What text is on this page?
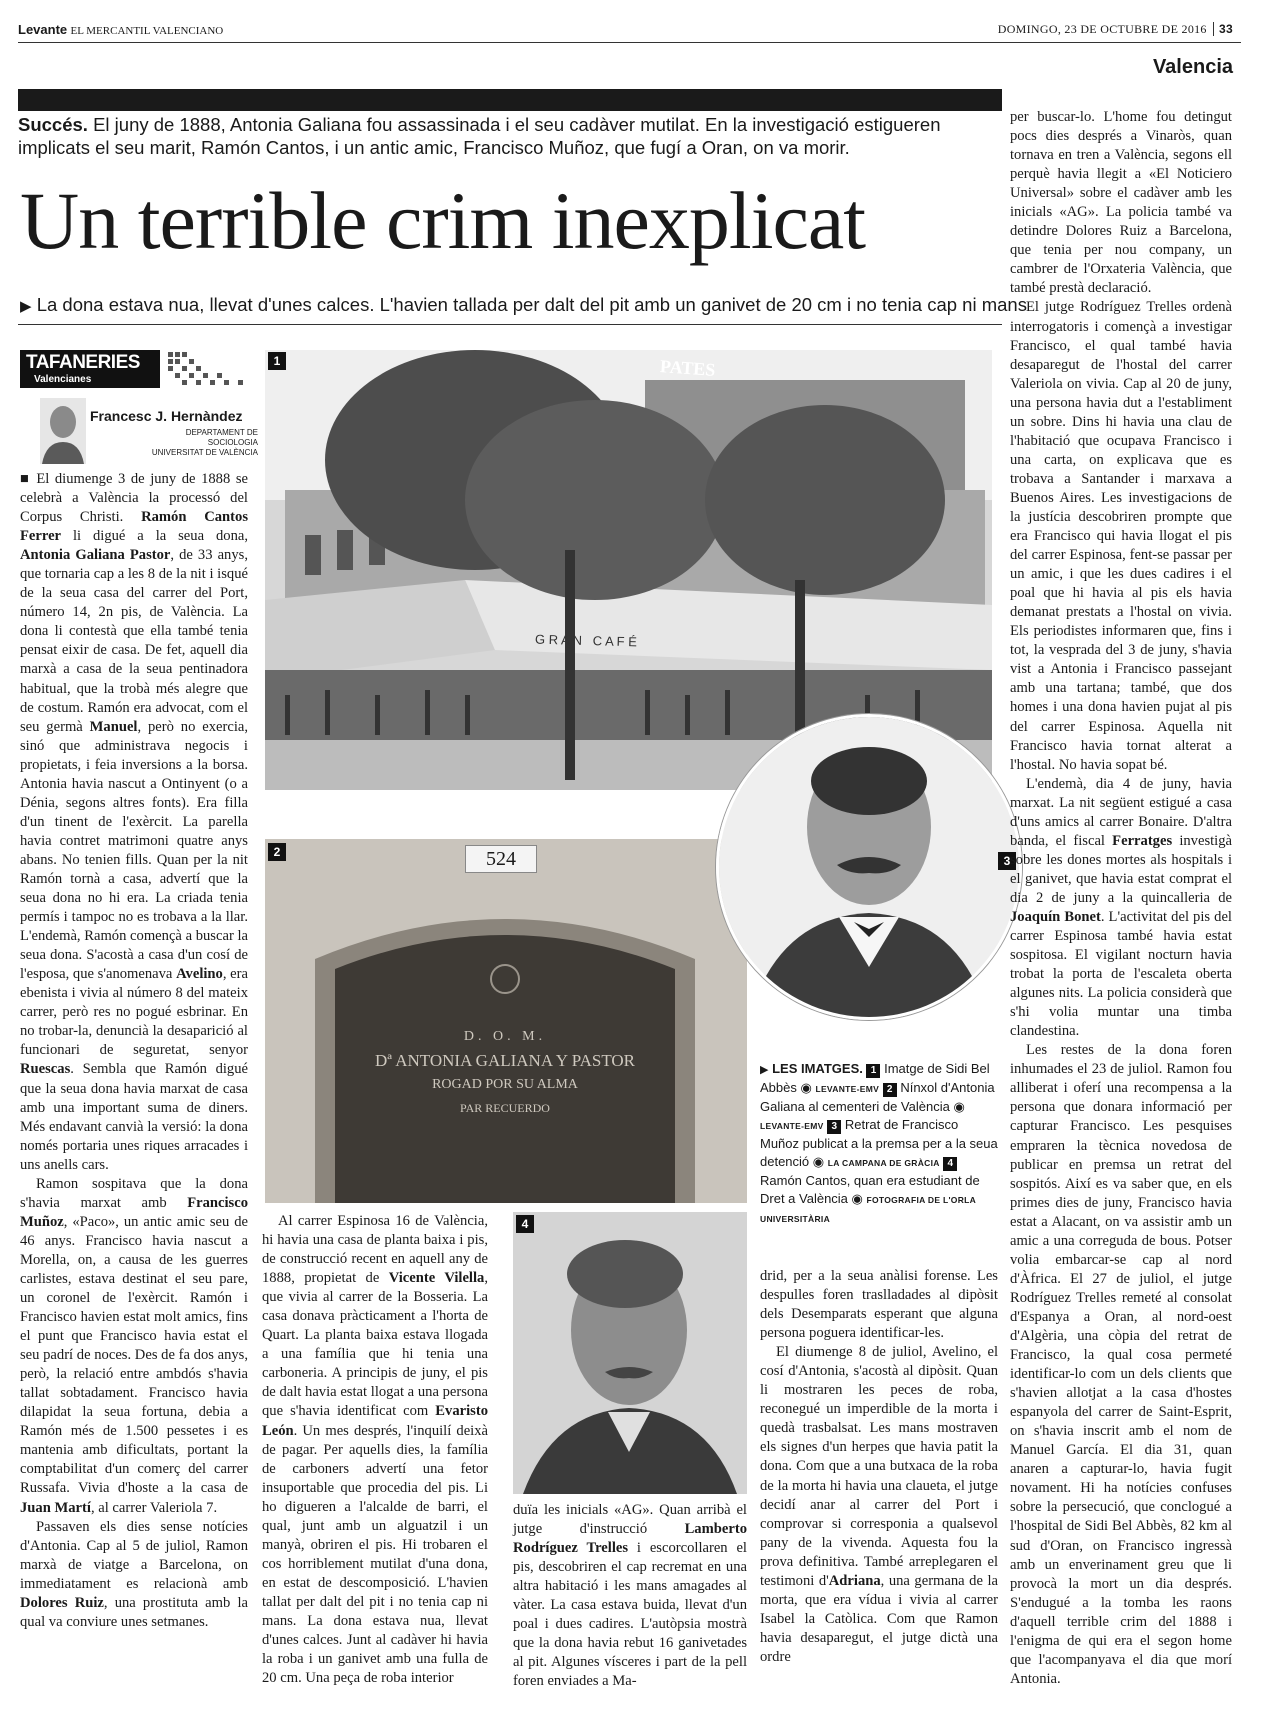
Levante EL MERCANTIL VALENCIANO	DOMINGO, 23 DE OCTUBRE DE 2016 33
Valencia
Succés. El juny de 1888, Antonia Galiana fou assassinada i el seu cadàver mutilat. En la investigació estigueren implicats el seu marit, Ramón Cantos, i un antic amic, Francisco Muñoz, que fugí a Oran, on va morir.
Un terrible crim inexplicat
▶ La dona estava nua, llevat d'unes calces. L'havien tallada per dalt del pit amb un ganivet de 20 cm i no tenia cap ni mans
TAFANERIES
Valencianes
Francesc J. Hernàndez
DEPARTAMENT DE SOCIOLOGIA
UNIVERSITAT DE VALÈNCIA

■ El diumenge 3 de juny de 1888 se celebrà a València la processó del Corpus Christi. Ramón Cantos Ferrer li digué a la seua dona, Antonia Galiana Pastor, de 33 anys, que tornaria cap a les 8 de la nit i isqué de la seua casa del carrer del Port, número 14, 2n pis, de València. La dona li contestà que ella també tenia pensat eixir de casa. De fet, aquell dia marxà a casa de la seua pentinadora habitual, que la trobà més alegre que de costum. Ramón era advocat, com el seu germà Manuel, però no exercia, sinó que administrava negocis i propietats, i feia inversions a la borsa. Antonia havia nascut a Ontinyent (o a Dénia, segons altres fonts). Era filla d'un tinent de l'exèrcit. La parella havia contret matrimoni quatre anys abans. No tenien fills. Quan per la nit Ramón tornà a casa, advertí que la seua dona no hi era. La criada tenia permís i tampoc no es trobava a la llar. L'endemà, Ramón començà a buscar la seua dona. S'acostà a casa d'un cosí de l'esposa, que s'anomenava Avelino, era ebenista i vivia al número 8 del mateix carrer, però res no pogué esbrinar. En no trobar-la, denuncià la desaparició al funcionari de seguretat, senyor Ruescas. Sembla que Ramón digué que la seua dona havia marxat de casa amb una important suma de diners. Més endavant canvià la versió: la dona només portaria unes riques arracades i uns anells cars.

Ramon sospitava que la dona s'havia marxat amb Francisco Muñoz, «Paco», un antic amic seu de 46 anys. Francisco havia nascut a Morella, on, a causa de les guerres carlistes, estava destinat el seu pare, un coronel de l'exèrcit. Ramón i Francisco havien estat molt amics, fins el punt que Francisco havia estat el seu padrí de noces. Des de fa dos anys, però, la relació entre ambdós s'havia tallat sobtadament. Francisco havia dilapidat la seua fortuna, debia a Ramón més de 1.500 pessetes i es mantenia amb dificultats, portant la comptabilitat d'un comerç del carrer Russafa. Vivia d'hoste a la casa de Juan Martí, al carrer Valeriola 7.

Passaven els dies sense notícies d'Antonia. Cap al 5 de juliol, Ramon marxà de viatge a Barcelona, on immediatament es relacionà amb Dolores Ruiz, una prostituta amb la qual va conviure unes setmanes.

PATES
G R A N   C A F É
1
524
D. O. M.
Dª ANTONIA GALIANA Y PASTOR
ROGAD POR SU ALMA
PAR RECUERDO
2
3
4
▶ LES IMATGES. 1 Imatge de Sidi Bel Abbès ◉ LEVANTE-EMV 2 Nínxol d'Antonia Galiana al cementeri de València ◉ LEVANTE-EMV 3 Retrat de Francisco Muñoz publicat a la premsa per a la seua detenció ◉ LA CAMPANA DE GRÀCIA 4 Ramón Cantos, quan era estudiant de Dret a València ◉ FOTOGRAFIA DE L'ORLA UNIVERSITÀRIA

Al carrer Espinosa 16 de València, hi havia una casa de planta baixa i pis, de construcció recent en aquell any de 1888, propietat de Vicente Vilella, que vivia al carrer de la Bosseria. La casa donava pràcticament a l'horta de Quart. La planta baixa estava llogada a una família que hi tenia una carboneria. A principis de juny, el pis de dalt havia estat llogat a una persona que s'havia identificat com Evaristo León. Un mes després, l'inquilí deixà de pagar. Per aquells dies, la família de carboners advertí una fetor insuportable que procedia del pis. Li ho digueren a l'alcalde de barri, el qual, junt amb un alguatzil i un manyà, obriren el pis. Hi trobaren el cos horriblement mutilat d'una dona, en estat de descomposició. L'havien tallat per dalt del pit i no tenia cap ni mans. La dona estava nua, llevat d'unes calces. Junt al cadàver hi havia la roba i un ganivet amb una fulla de 20 cm. Una peça de roba interior

duïa les inicials «AG». Quan arribà el jutge d'instrucció Lamberto Rodríguez Trelles i escorcollaren el pis, descobriren el cap recremat en una altra habitació i les mans amagades al vàter. La casa estava buida, llevat d'un poal i dues cadires. L'autòpsia mostrà que la dona havia rebut 16 ganivetades al pit. Algunes vísceres i part de la pell foren enviades a Ma-

drid, per a la seua anàlisi forense. Les despulles foren traslladades al dipòsit dels Desemparats esperant que alguna persona poguera identificar-les.

El diumenge 8 de juliol, Avelino, el cosí d'Antonia, s'acostà al dipòsit. Quan li mostraren les peces de roba, reconegué un imperdible de la morta i quedà trasbalsat. Les mans mostraven els signes d'un herpes que havia patit la dona. Com que a una butxaca de la roba de la morta hi havia una claueta, el jutge decidí anar al carrer del Port i comprovar si corresponia a qualsevol pany de la vivenda. Aquesta fou la prova definitiva. També arreplegaren el testimoni d'Adriana, una germana de la morta, que era vídua i vivia al carrer Isabel la Catòlica. Com que Ramon havia desaparegut, el jutge dictà una ordre

per buscar-lo. L'home fou detingut pocs dies després a Vinaròs, quan tornava en tren a València, segons ell perquè havia llegit a «El Noticiero Universal» sobre el cadàver amb les inicials «AG». La policia també va detindre Dolores Ruiz a Barcelona, que tenia per nou company, un cambrer de l'Orxateria València, que també prestà declaració.

El jutge Rodríguez Trelles ordenà interrogatoris i començà a investigar Francisco, el qual també havia desaparegut de l'hostal del carrer Valeriola on vivia. Cap al 20 de juny, una persona havia dut a l'establiment un sobre. Dins hi havia una clau de l'habitació que ocupava Francisco i una carta, on explicava que es trobava a Santander i marxava a Buenos Aires. Les investigacions de la justícia descobriren prompte que era Francisco qui havia llogat el pis del carrer Espinosa, fent-se passar per un amic, i que les dues cadires i el poal que hi havia al pis els havia demanat prestats a l'hostal on vivia. Els periodistes informaren que, fins i tot, la vesprada del 3 de juny, s'havia vist a Antonia i Francisco passejant amb una tartana; també, que dos homes i una dona havien pujat al pis del carrer Espinosa. Aquella nit Francisco havia tornat alterat a l'hostal. No havia sopat bé.

L'endemà, dia 4 de juny, havia marxat. La nit següent estigué a casa d'uns amics al carrer Bonaire. D'altra banda, el fiscal Ferratges investigà sobre les dones mortes als hospitals i el ganivet, que havia estat comprat el dia 2 de juny a la quincalleria de Joaquín Bonet. L'activitat del pis del carrer Espinosa també havia estat sospitosa. El vigilant nocturn havia trobat la porta de l'escaleta oberta algunes nits. La policia considerà que s'hi volia muntar una timba clandestina.

Les restes de la dona foren inhumades el 23 de juliol. Ramon fou alliberat i oferí una recompensa a la persona que donara informació per capturar Francisco. Les pesquises empraren la tècnica novedosa de publicar en premsa un retrat del sospitós. Així es va saber que, en els primes dies de juny, Francisco havia estat a Alacant, on va assistir amb un amic a una correguda de bous. Potser volia embarcar-se cap al nord d'Àfrica. El 27 de juliol, el jutge Rodríguez Trelles remeté al consolat d'Espanya a Oran, al nord-oest d'Algèria, una còpia del retrat de Francisco, la qual cosa permeté identificar-lo com un dels clients que s'havien allotjat a la casa d'hostes espanyola del carrer de Saint-Esprit, on s'havia inscrit amb el nom de Manuel García. El dia 31, quan anaren a capturar-lo, havia fugit novament. Hi ha notícies confuses sobre la persecució, que conclogué a l'hospital de Sidi Bel Abbès, 82 km al sud d'Oran, on Francisco ingressà amb un enverinament greu que li provocà la mort un dia després. S'endugué a la tomba les raons d'aquell terrible crim del 1888 i l'enigma de qui era el segon home que l'acompanyava el dia que morí Antonia.
